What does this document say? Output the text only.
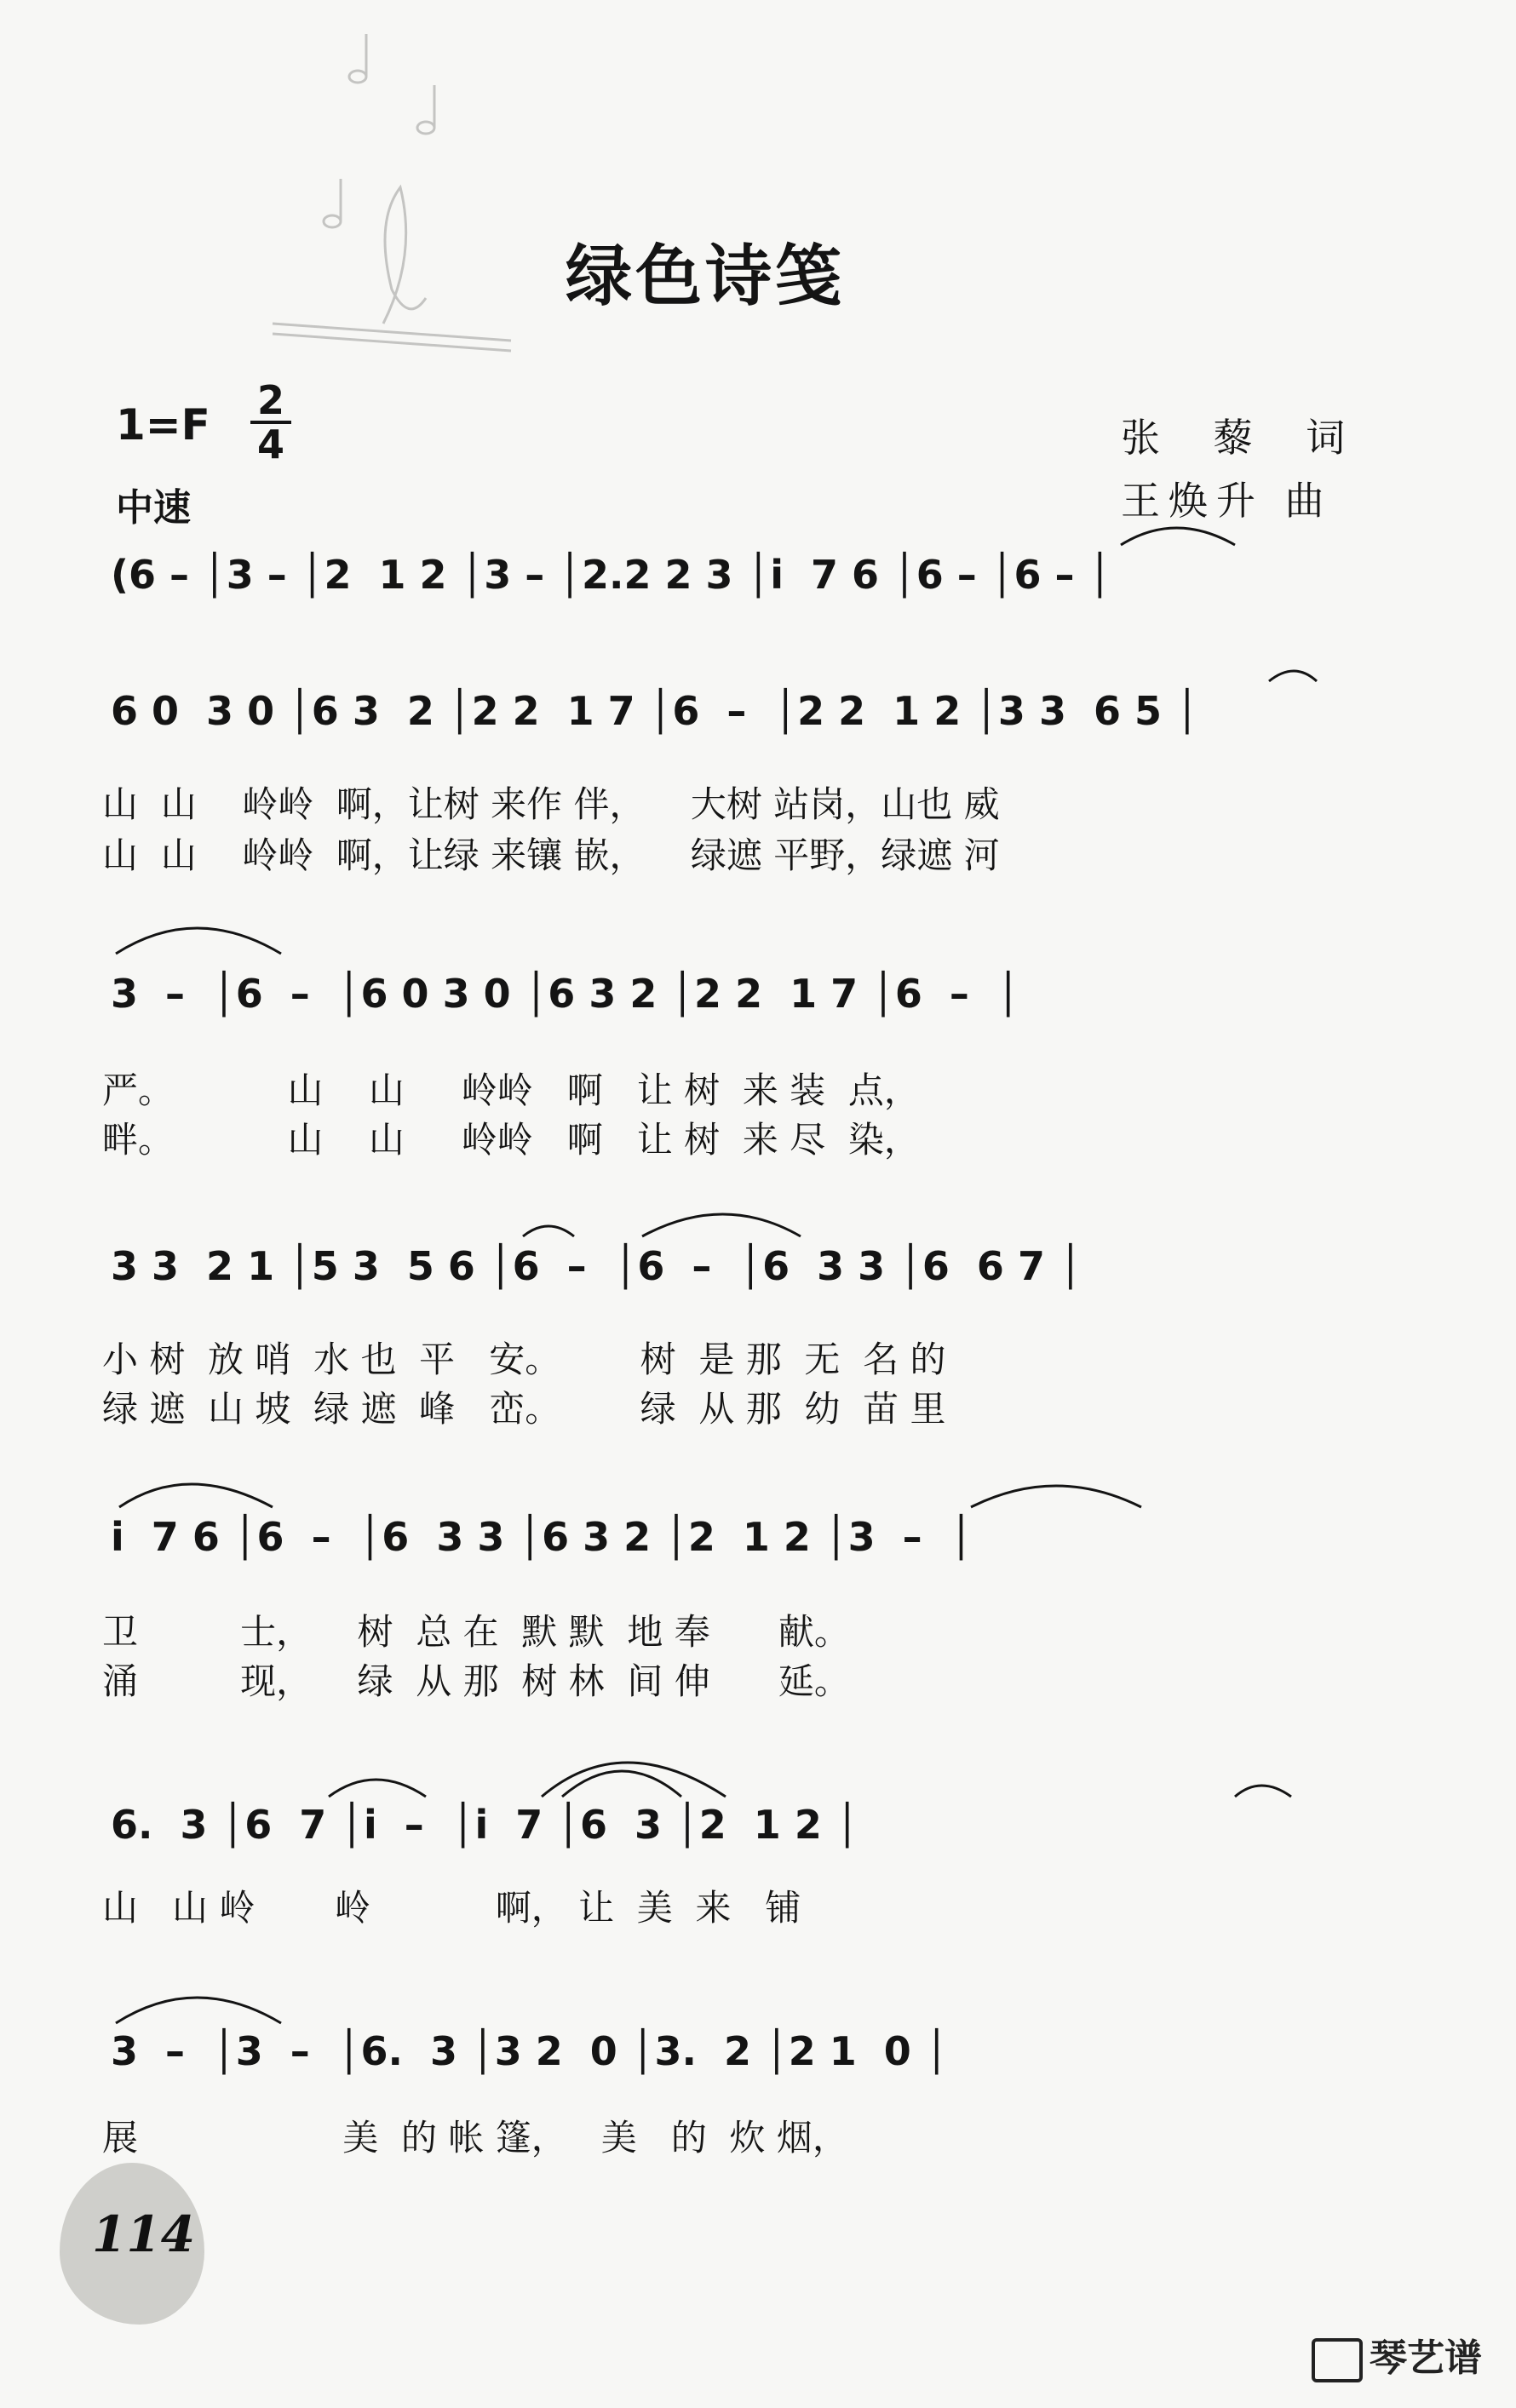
绿色诗笺
1=F 2
4
中速
张 藜 词
王焕升 曲
(6 – │3 – │2  1 2 │3 – │2.2 2 3 │i  7 6 │6 – │6 – │
6 0  3 0 │6 3  2 │2 2  1 7 │6  –  │2 2  1 2 │3 3  6 5 │
山  山    岭岭  啊，让树 来作 伴，    大树 站岗，山也 威
山  山    岭岭  啊，让绿 来镶 嵌，    绿遮 平野，绿遮 河
3  –  │6  –  │6 0 3 0 │6 3 2 │2 2  1 7 │6  –  │
严。          山    山     岭岭   啊   让 树  来 装  点，
畔。          山    山     岭岭   啊   让 树  来 尽  染，
3 3  2 1 │5 3  5 6 │6  –  │6  –  │6  3 3 │6  6 7 │
小 树  放 哨  水 也  平   安。       树  是 那  无  名 的
绿 遮  山 坡  绿 遮  峰   峦。       绿  从 那  幼  苗 里
i  7 6 │6  –  │6  3 3 │6 3 2 │2  1 2 │3  –  │
卫         士，    树  总 在  默 默  地 奉      献。
涌         现，    绿  从 那  树 林  间 伸      延。
6.  3 │6  7 │i  –  │i  7 │6  3 │2  1 2 │
山   山 岭       岭           啊， 让  美  来   铺
3  –  │3  –  │6.  3 │3 2  0 │3.  2 │2 1  0 │
展                  美  的 帐 篷，   美   的  炊 烟，
114
琴艺谱
